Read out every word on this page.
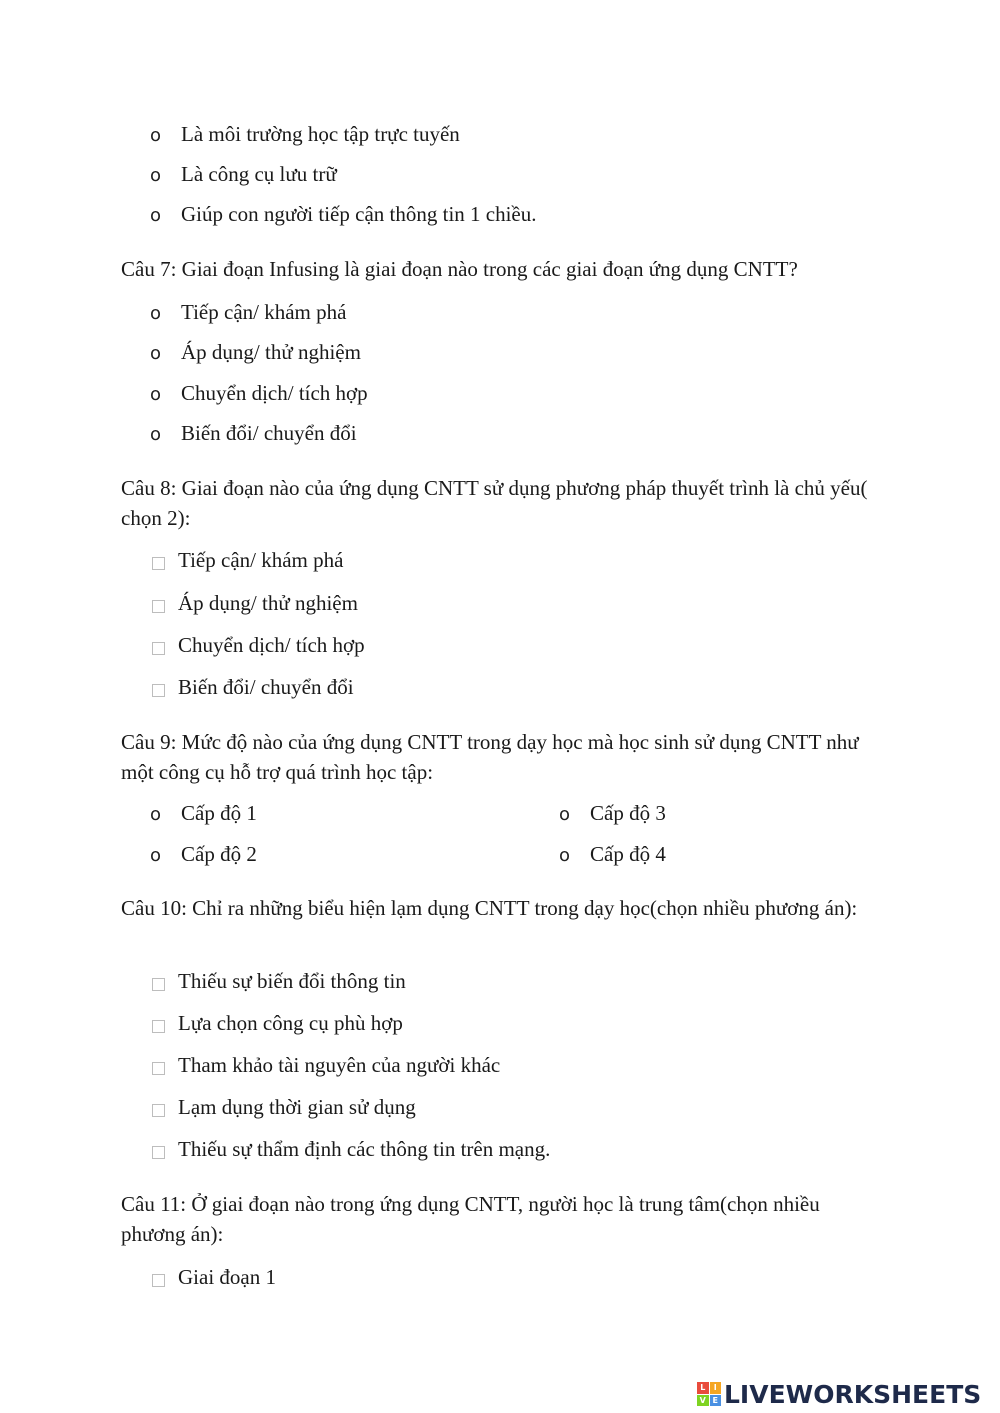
oLà môi trường học tập trực tuyến
oLà công cụ lưu trữ
oGiúp con người tiếp cận thông tin 1 chiều.
Câu 7: Giai đoạn Infusing là giai đoạn nào trong các giai đoạn ứng dụng CNTT?
oTiếp cận/ khám phá
oÁp dụng/ thử nghiệm
oChuyển dịch/ tích hợp
oBiến đổi/ chuyển đổi
Câu 8: Giai đoạn nào của ứng dụng CNTT sử dụng phương pháp thuyết trình là chủ yếu( chọn 2):
Tiếp cận/ khám phá
Áp dụng/ thử nghiệm
Chuyển dịch/ tích hợp
Biến đổi/ chuyển đổi
Câu 9: Mức độ nào của ứng dụng CNTT trong dạy học mà học sinh sử dụng CNTT như một công cụ hỗ trợ quá trình học tập:
oCấp độ 1
oCấp độ 2
oCấp độ 3
oCấp độ 4
Câu 10: Chỉ ra những biểu hiện lạm dụng CNTT trong dạy học(chọn nhiều phương án):
Thiếu sự biến đổi thông tin
Lựa chọn công cụ phù hợp
Tham khảo tài nguyên của người khác
Lạm dụng thời gian sử dụng
Thiếu sự thẩm định các thông tin trên mạng.
Câu 11: Ở giai đoạn nào trong ứng dụng CNTT, người học là trung tâm(chọn nhiều phương án):
Giai đoạn 1
L	I
V E LIVEWORKSHEETS
